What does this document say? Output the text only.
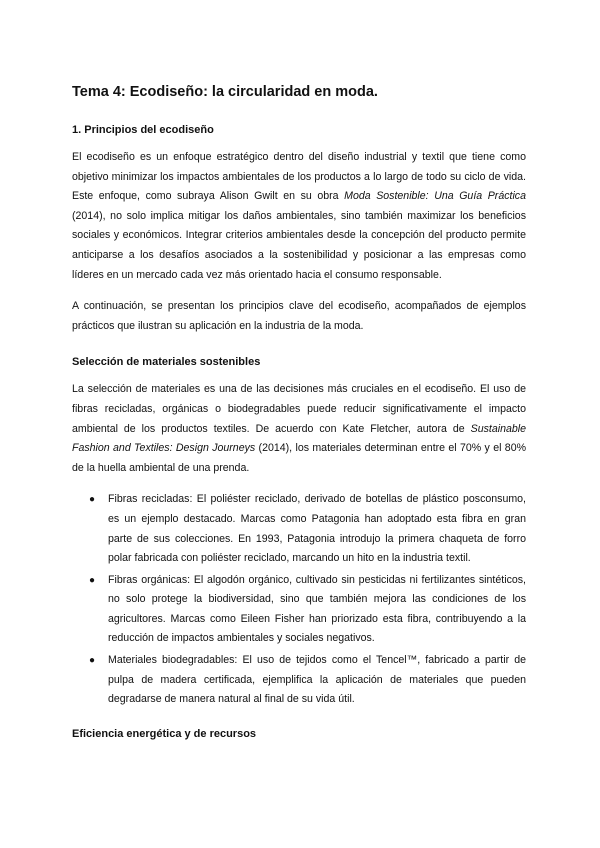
Tema 4: Ecodiseño: la circularidad en moda.
1. Principios del ecodiseño

El ecodiseño es un enfoque estratégico dentro del diseño industrial y textil que tiene como objetivo minimizar los impactos ambientales de los productos a lo largo de todo su ciclo de vida. Este enfoque, como subraya Alison Gwilt en su obra Moda Sostenible: Una Guía Práctica (2014), no solo implica mitigar los daños ambientales, sino también maximizar los beneficios sociales y económicos. Integrar criterios ambientales desde la concepción del producto permite anticiparse a los desafíos asociados a la sostenibilidad y posicionar a las empresas como líderes en un mercado cada vez más orientado hacia el consumo responsable.

A continuación, se presentan los principios clave del ecodiseño, acompañados de ejemplos prácticos que ilustran su aplicación en la industria de la moda.

Selección de materiales sostenibles

La selección de materiales es una de las decisiones más cruciales en el ecodiseño. El uso de fibras recicladas, orgánicas o biodegradables puede reducir significativamente el impacto ambiental de los productos textiles. De acuerdo con Kate Fletcher, autora de Sustainable Fashion and Textiles: Design Journeys (2014), los materiales determinan entre el 70% y el 80% de la huella ambiental de una prenda.

● Fibras recicladas: El poliéster reciclado, derivado de botellas de plástico posconsumo, es un ejemplo destacado. Marcas como Patagonia han adoptado esta fibra en gran parte de sus colecciones. En 1993, Patagonia introdujo la primera chaqueta de forro polar fabricada con poliéster reciclado, marcando un hito en la industria textil.
● Fibras orgánicas: El algodón orgánico, cultivado sin pesticidas ni fertilizantes sintéticos, no solo protege la biodiversidad, sino que también mejora las condiciones de los agricultores. Marcas como Eileen Fisher han priorizado esta fibra, contribuyendo a la reducción de impactos ambientales y sociales negativos.
● Materiales biodegradables: El uso de tejidos como el Tencel™, fabricado a partir de pulpa de madera certificada, ejemplifica la aplicación de materiales que pueden degradarse de manera natural al final de su vida útil.
Eficiencia energética y de recursos
